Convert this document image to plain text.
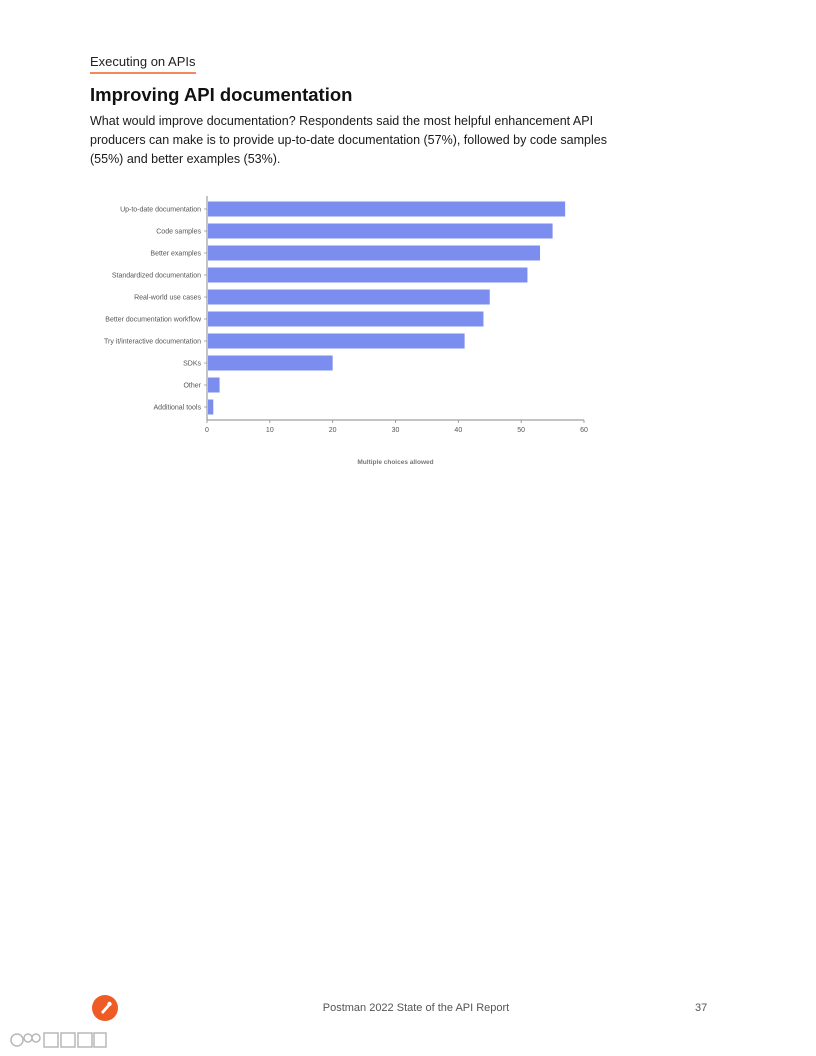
Executing on APIs
Improving API documentation

What would improve documentation? Respondents said the most helpful enhancement API producers can make is to provide up-to-date documentation (57%), followed by code samples (55%) and better examples (53%).

Up-to-date documentation
Code samples
Better examples
Standardized documentation
Real-world use cases
Better documentation workflow
Try it/interactive documentation
SDKs
Other
Additional tools
0	10	20	30	40	50	60
Multiple choices allowed
Postman 2022 State of the API Report	37
